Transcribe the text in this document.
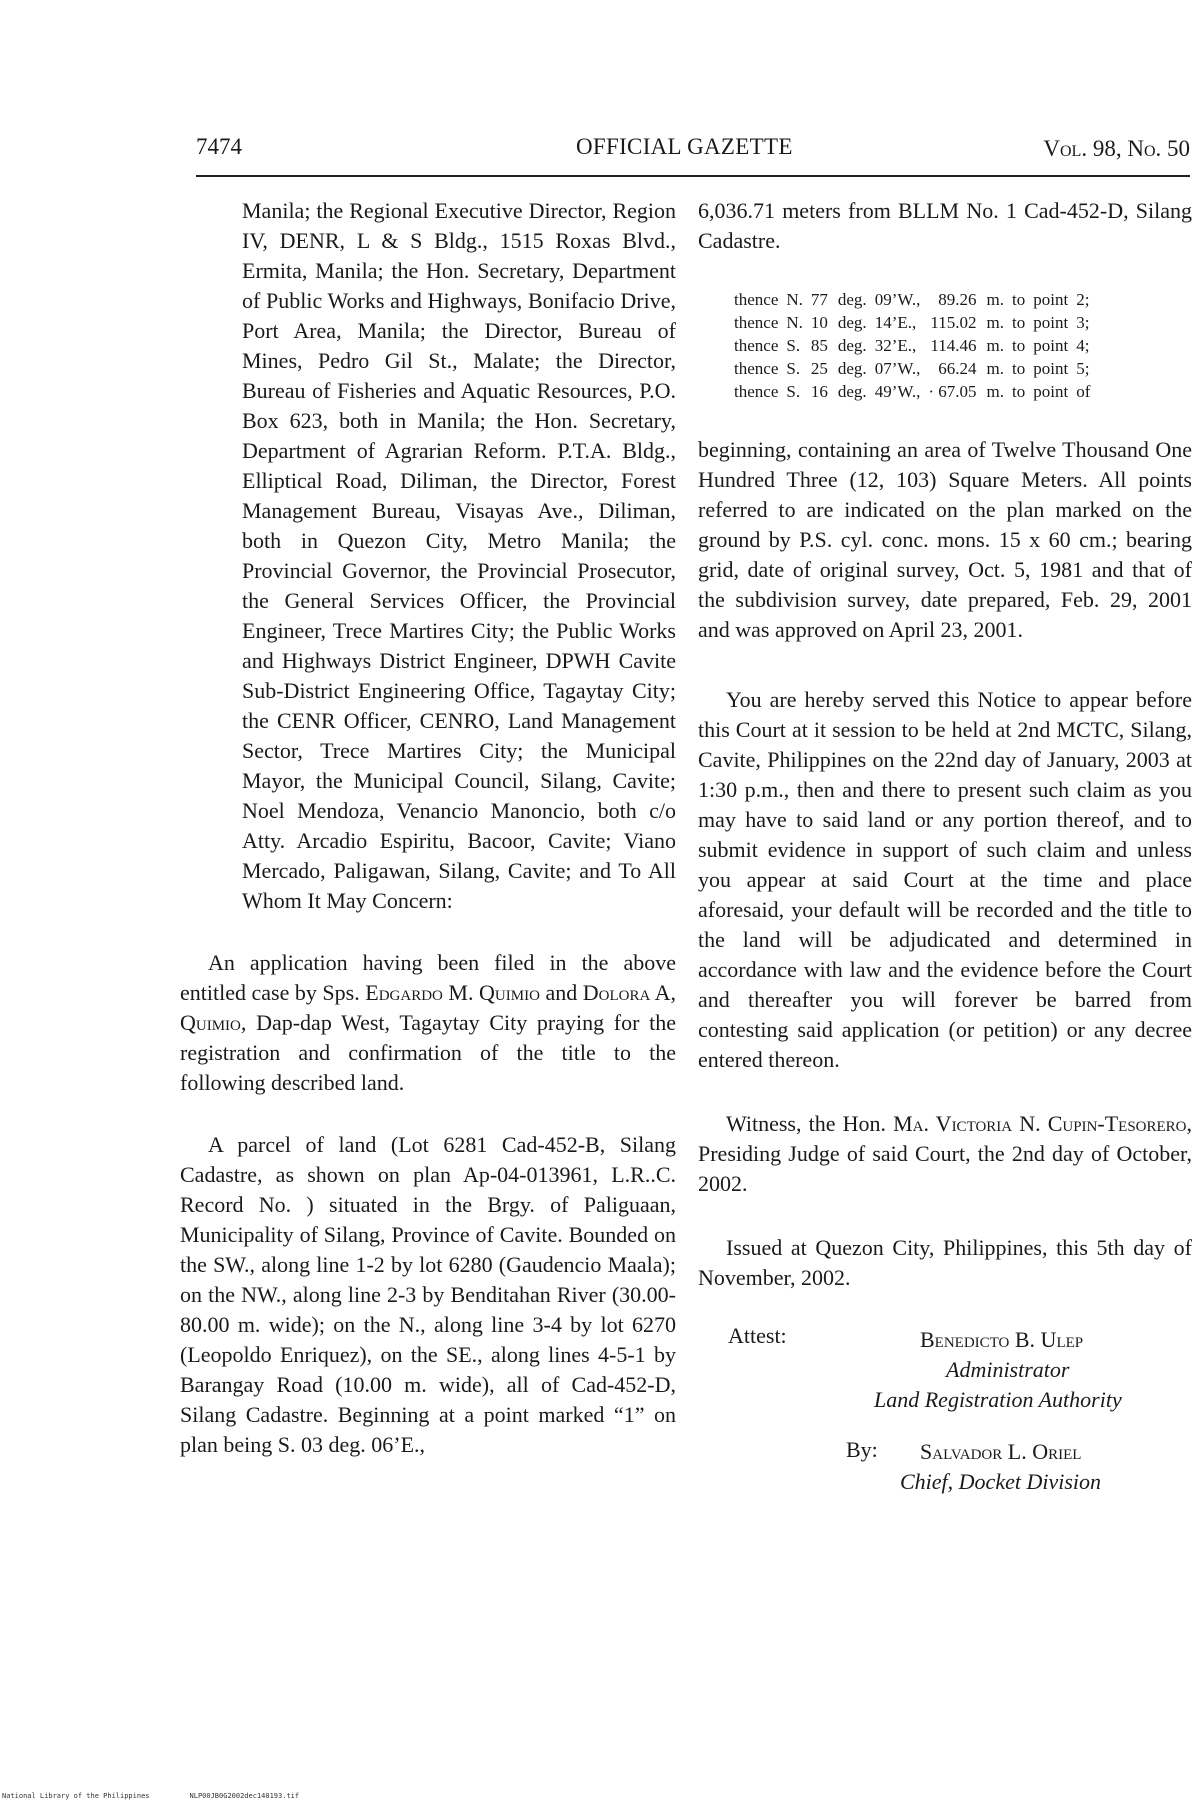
7474	OFFICIAL GAZETTE	Vol. 98, No. 50

Manila; the Regional Executive Director, Region IV, DENR, L & S Bldg., 1515 Roxas Blvd., Ermita, Manila; the Hon. Secretary, Department of Public Works and Highways, Bonifacio Drive, Port Area, Manila; the Director, Bureau of Mines, Pedro Gil St., Malate; the Director, Bureau of Fisheries and Aquatic Resources, P.O. Box 623, both in Manila; the Hon. Secretary, Department of Agrarian Reform. P.T.A. Bldg., Elliptical Road, Diliman, the Director, Forest Management Bureau, Visayas Ave., Diliman, both in Quezon City, Metro Manila; the Provincial Governor, the Provincial Prosecutor, the General Services Officer, the Provincial Engineer, Trece Martires City; the Public Works and Highways District Engineer, DPWH Cavite Sub-District Engineering Office, Tagaytay City; the CENR Officer, CENRO, Land Management Sector, Trece Martires City; the Municipal Mayor, the Municipal Council, Silang, Cavite; Noel Mendoza, Venancio Manoncio, both c/o Atty. Arcadio Espiritu, Bacoor, Cavite; Viano Mercado, Paligawan, Silang, Cavite; and To All Whom It May Concern:

An application having been filed in the above entitled case by Sps. Edgardo M. Quimio and Dolora A, Quimio, Dap-dap West, Tagaytay City praying for the registration and confirmation of the title to the following described land.

A parcel of land (Lot 6281 Cad-452-B, Silang Cadastre, as shown on plan Ap-04-013961, L.R..C. Record No. ) situated in the Brgy. of Paliguaan, Municipality of Silang, Province of Cavite. Bounded on the SW., along line 1-2 by lot 6280 (Gaudencio Maala); on the NW., along line 2-3 by Benditahan River (30.00-80.00 m. wide); on the N., along line 3-4 by lot 6270 (Leopoldo Enriquez), on the SE., along lines 4-5-1 by Barangay Road (10.00 m. wide), all of Cad-452-D, Silang Cadastre. Beginning at a point marked “1” on plan being S. 03 deg. 06’E.,

6,036.71 meters from BLLM No. 1 Cad-452-D, Silang Cadastre.

thence	N.	77	deg.	09’W.,	89.26	m.	to	point	2;
thence	N.	10	deg.	14’E.,	115.02	m.	to	point	3;
thence	S.	85	deg.	32’E.,	114.46	m.	to	point	4;
thence	S.	25	deg.	07’W.,	66.24	m.	to	point	5;
thence	S.	16	deg.	49’W.,	· 67.05	m.	to	point	of

beginning, containing an area of Twelve Thousand One Hundred Three (12, 103) Square Meters. All points referred to are indicated on the plan marked on the ground by P.S. cyl. conc. mons. 15 x 60 cm.; bearing grid, date of original survey, Oct. 5, 1981 and that of the subdivision survey, date prepared, Feb. 29, 2001 and was approved on April 23, 2001.

You are hereby served this Notice to appear before this Court at it session to be held at 2nd MCTC, Silang, Cavite, Philippines on the 22nd day of January, 2003 at 1:30 p.m., then and there to present such claim as you may have to said land or any portion thereof, and to submit evidence in support of such claim and unless you appear at said Court at the time and place aforesaid, your default will be recorded and the title to the land will be adjudicated and determined in accordance with law and the evidence before the Court and thereafter you will forever be barred from contesting said application (or petition) or any decree entered thereon.

Witness, the Hon. Ma. Victoria N. Cupin-Tesorero, Presiding Judge of said Court, the 2nd day of October, 2002.

Issued at Quezon City, Philippines, this 5th day of November, 2002.

Attest:	Benedicto B. Ulep
Administrator
Land Registration Authority
By: Salvador L. Oriel
Chief, Docket Division
National Library of the Philippines	NLP00JB0G2002dec140193.tif
